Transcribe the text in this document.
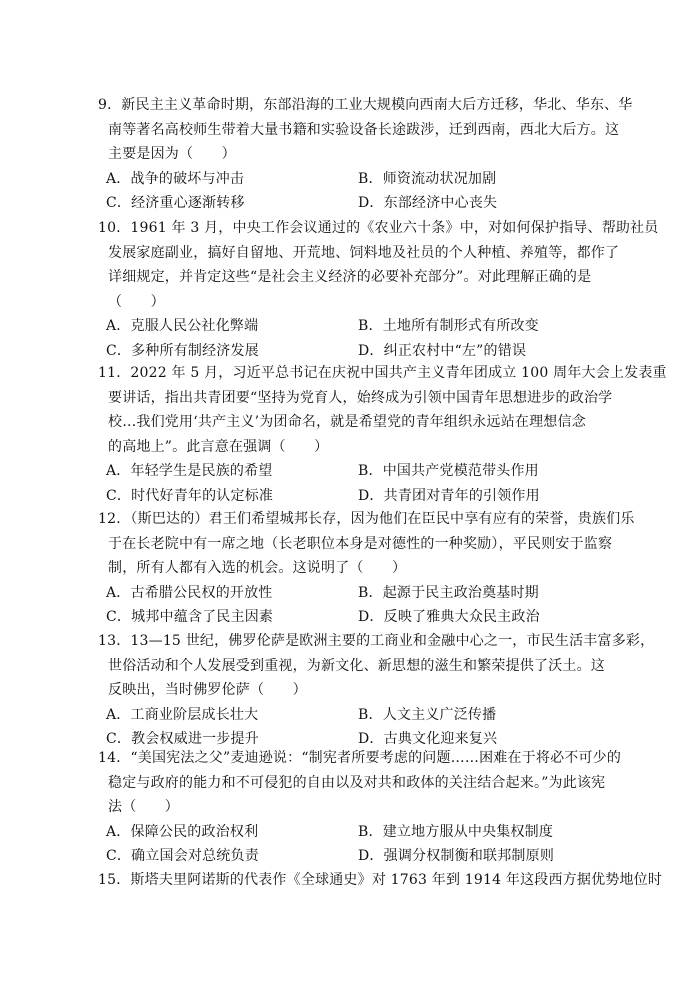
9．新民主主义革命时期，东部沿海的工业大规模向西南大后方迁移，华北、华东、华
南等著名高校师生带着大量书籍和实验设备长途跋涉，迁到西南，西北大后方。这
主要是因为（　　）
A．战争的破坏与冲击	B．师资流动状况加剧
C．经济重心逐渐转移	D．东部经济中心丧失
10．1961 年 3 月，中央工作会议通过的《农业六十条》中，对如何保护指导、帮助社员
发展家庭副业，搞好自留地、开荒地、饲料地及社员的个人种植、养殖等，都作了
详细规定，并肯定这些“是社会主义经济的必要补充部分”。对此理解正确的是
（　　）
A．克服人民公社化弊端	B．土地所有制形式有所改变
C．多种所有制经济发展	D．纠正农村中“左”的错误
11．2022 年 5 月，习近平总书记在庆祝中国共产主义青年团成立 100 周年大会上发表重
要讲话，指出共青团要“坚持为党育人，始终成为引领中国青年思想进步的政治学
校…我们党用‘共产主义’为团命名，就是希望党的青年组织永远站在理想信念
的高地上”。此言意在强调（　　）
A．年轻学生是民族的希望	B．中国共产党模范带头作用
C．时代好青年的认定标准	D．共青团对青年的引领作用
12．（斯巴达的）君王们希望城邦长存，因为他们在臣民中享有应有的荣誉，贵族们乐
于在长老院中有一席之地（长老职位本身是对德性的一种奖励），平民则安于监察
制，所有人都有入选的机会。这说明了（　　）
A．古希腊公民权的开放性	B．起源于民主政治奠基时期
C．城邦中蕴含了民主因素	D．反映了雅典大众民主政治
13．13—15 世纪，佛罗伦萨是欧洲主要的工商业和金融中心之一，市民生活丰富多彩，
世俗活动和个人发展受到重视，为新文化、新思想的滋生和繁荣提供了沃土。这
反映出，当时佛罗伦萨（　　）
A．工商业阶层成长壮大	B．人文主义广泛传播
C．教会权威进一步提升	D．古典文化迎来复兴
14．“美国宪法之父”麦迪逊说：“制宪者所要考虑的问题……困难在于将必不可少的
稳定与政府的能力和不可侵犯的自由以及对共和政体的关注结合起来。”为此该宪
法（　　）
A．保障公民的政治权利	B．建立地方服从中央集权制度
C．确立国会对总统负责	D．强调分权制衡和联邦制原则
15．斯塔夫里阿诺斯的代表作《全球通史》对 1763 年到 1914 年这段西方据优势地位时
